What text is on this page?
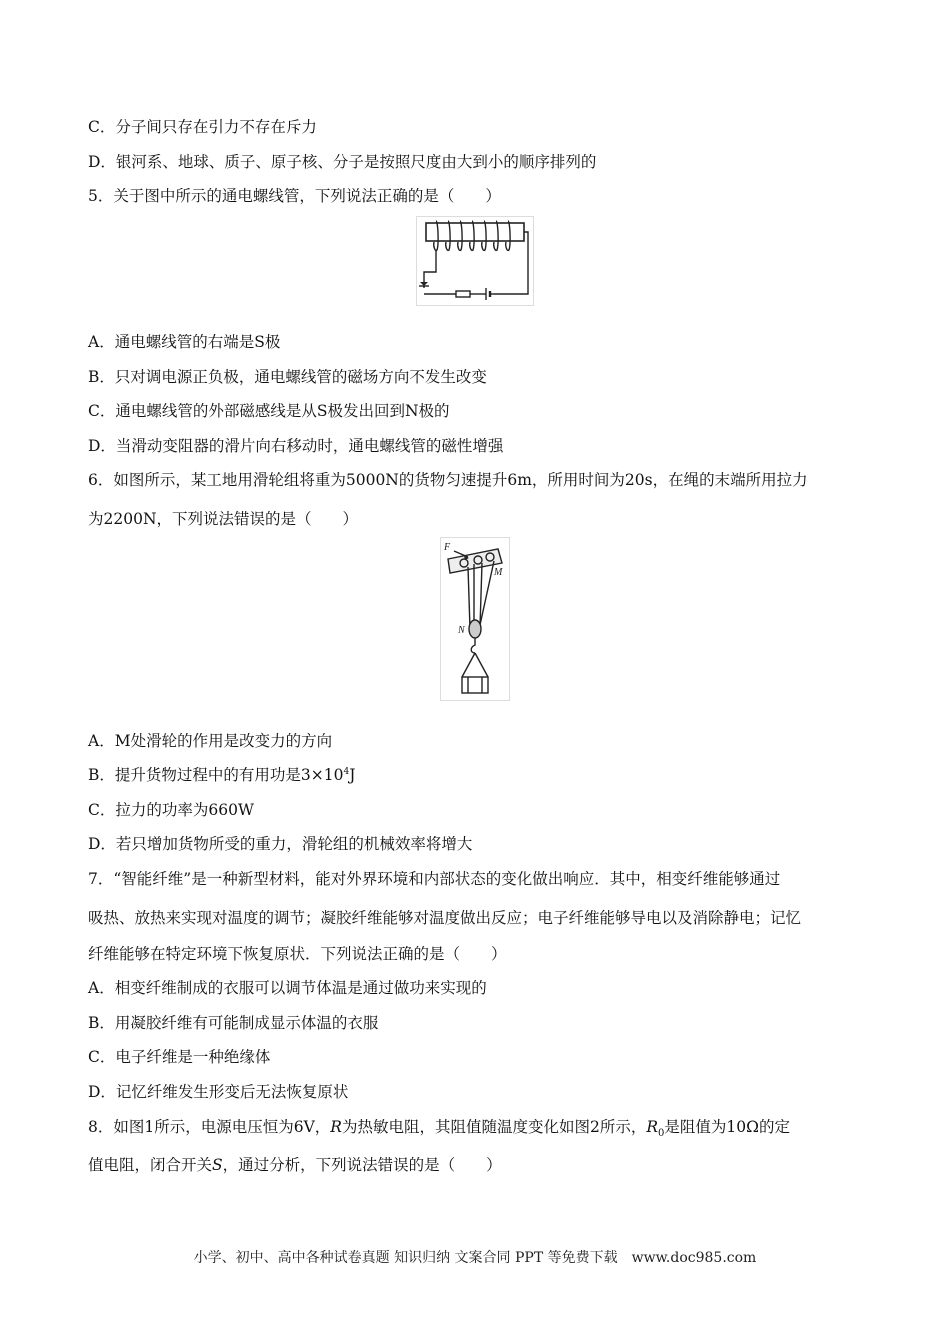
C．分子间只存在引力不存在斥力
D．银河系、地球、质子、原子核、分子是按照尺度由大到小的顺序排列的
5．关于图中所示的通电螺线管，下列说法正确的是（　　）
A．通电螺线管的右端是S极
B．只对调电源正负极，通电螺线管的磁场方向不发生改变
C．通电螺线管的外部磁感线是从S极发出回到N极的
D．当滑动变阻器的滑片向右移动时，通电螺线管的磁性增强
6．如图所示，某工地用滑轮组将重为5000N的货物匀速提升6m，所用时间为20s，在绳的末端所用拉力
为2200N，下列说法错误的是（　　）
F
M
N
A．M处滑轮的作用是改变力的方向
B．提升货物过程中的有用功是$3\times 10^4J$
C．拉力的功率为660W
D．若只增加货物所受的重力，滑轮组的机械效率将增大
7．“智能纤维”是一种新型材料，能对外界环境和内部状态的变化做出响应．其中，相变纤维能够通过
吸热、放热来实现对温度的调节；凝胶纤维能够对温度做出反应；电子纤维能够导电以及消除静电；记忆
纤维能够在特定环境下恢复原状．下列说法正确的是（　　）
A．相变纤维制成的衣服可以调节体温是通过做功来实现的
B．用凝胶纤维有可能制成显示体温的衣服
C．电子纤维是一种绝缘体
D．记忆纤维发生形变后无法恢复原状
8．如图1所示，电源电压恒为6V，R为热敏电阻，其阻值随温度变化如图2所示，$R_0$是阻值为10Ω的定
值电阻，闭合开关S，通过分析，下列说法错误的是（　　）
小学、初中、高中各种试卷真题 知识归纳 文案合同 PPT 等免费下载　www.doc985.com
